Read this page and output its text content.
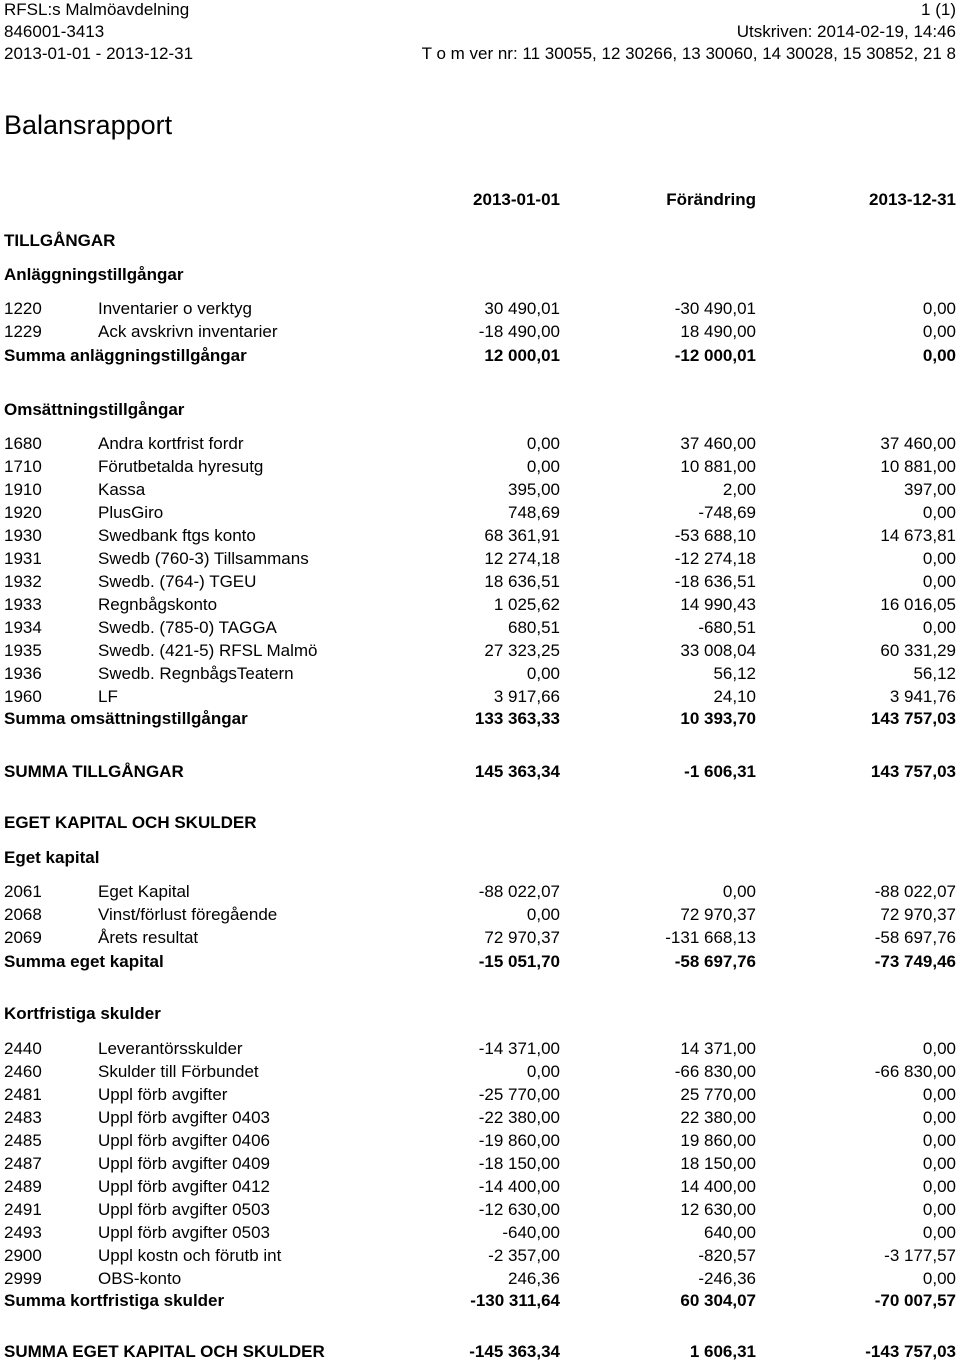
RFSL:s Malmöavdelning	1 (1)
846001-3413	Utskriven: 2014-02-19, 14:46
2013-01-01 - 2013-12-31	T o m ver nr: 11 30055, 12 30266, 13 30060, 14 30028, 15 30852, 21 8
Balansrapport
2013-01-01	Förändring	2013-12-31
TILLGÅNGAR
Anläggningstillgångar
1220	Inventarier o verktyg	30 490,01	-30 490,01	0,00
1229	Ack avskrivn inventarier	-18 490,00	18 490,00	0,00
Summa anläggningstillgångar	12 000,01	-12 000,01	0,00
Omsättningstillgångar
1680	Andra kortfrist fordr	0,00	37 460,00	37 460,00
1710	Förutbetalda hyresutg	0,00	10 881,00	10 881,00
1910	Kassa	395,00	2,00	397,00
1920	PlusGiro	748,69	-748,69	0,00
1930	Swedbank ftgs konto	68 361,91	-53 688,10	14 673,81
1931	Swedb (760-3) Tillsammans	12 274,18	-12 274,18	0,00
1932	Swedb. (764-) TGEU	18 636,51	-18 636,51	0,00
1933	Regnbågskonto	1 025,62	14 990,43	16 016,05
1934	Swedb. (785-0) TAGGA	680,51	-680,51	0,00
1935	Swedb. (421-5) RFSL Malmö	27 323,25	33 008,04	60 331,29
1936	Swedb. RegnbågsTeatern	0,00	56,12	56,12
1960	LF	3 917,66	24,10	3 941,76
Summa omsättningstillgångar	133 363,33	10 393,70	143 757,03
SUMMA TILLGÅNGAR	145 363,34	-1 606,31	143 757,03
EGET KAPITAL OCH SKULDER
Eget kapital
2061	Eget Kapital	-88 022,07	0,00	-88 022,07
2068	Vinst/förlust föregående	0,00	72 970,37	72 970,37
2069	Årets resultat	72 970,37	-131 668,13	-58 697,76
Summa eget kapital	-15 051,70	-58 697,76	-73 749,46
Kortfristiga skulder
2440	Leverantörsskulder	-14 371,00	14 371,00	0,00
2460	Skulder till Förbundet	0,00	-66 830,00	-66 830,00
2481	Uppl förb avgifter	-25 770,00	25 770,00	0,00
2483	Uppl förb avgifter 0403	-22 380,00	22 380,00	0,00
2485	Uppl förb avgifter 0406	-19 860,00	19 860,00	0,00
2487	Uppl förb avgifter 0409	-18 150,00	18 150,00	0,00
2489	Uppl förb avgifter 0412	-14 400,00	14 400,00	0,00
2491	Uppl förb avgifter 0503	-12 630,00	12 630,00	0,00
2493	Uppl förb avgifter 0503	-640,00	640,00	0,00
2900	Uppl kostn och förutb int	-2 357,00	-820,57	-3 177,57
2999	OBS-konto	246,36	-246,36	0,00
Summa kortfristiga skulder	-130 311,64	60 304,07	-70 007,57
SUMMA EGET KAPITAL OCH SKULDER	-145 363,34	1 606,31	-143 757,03
